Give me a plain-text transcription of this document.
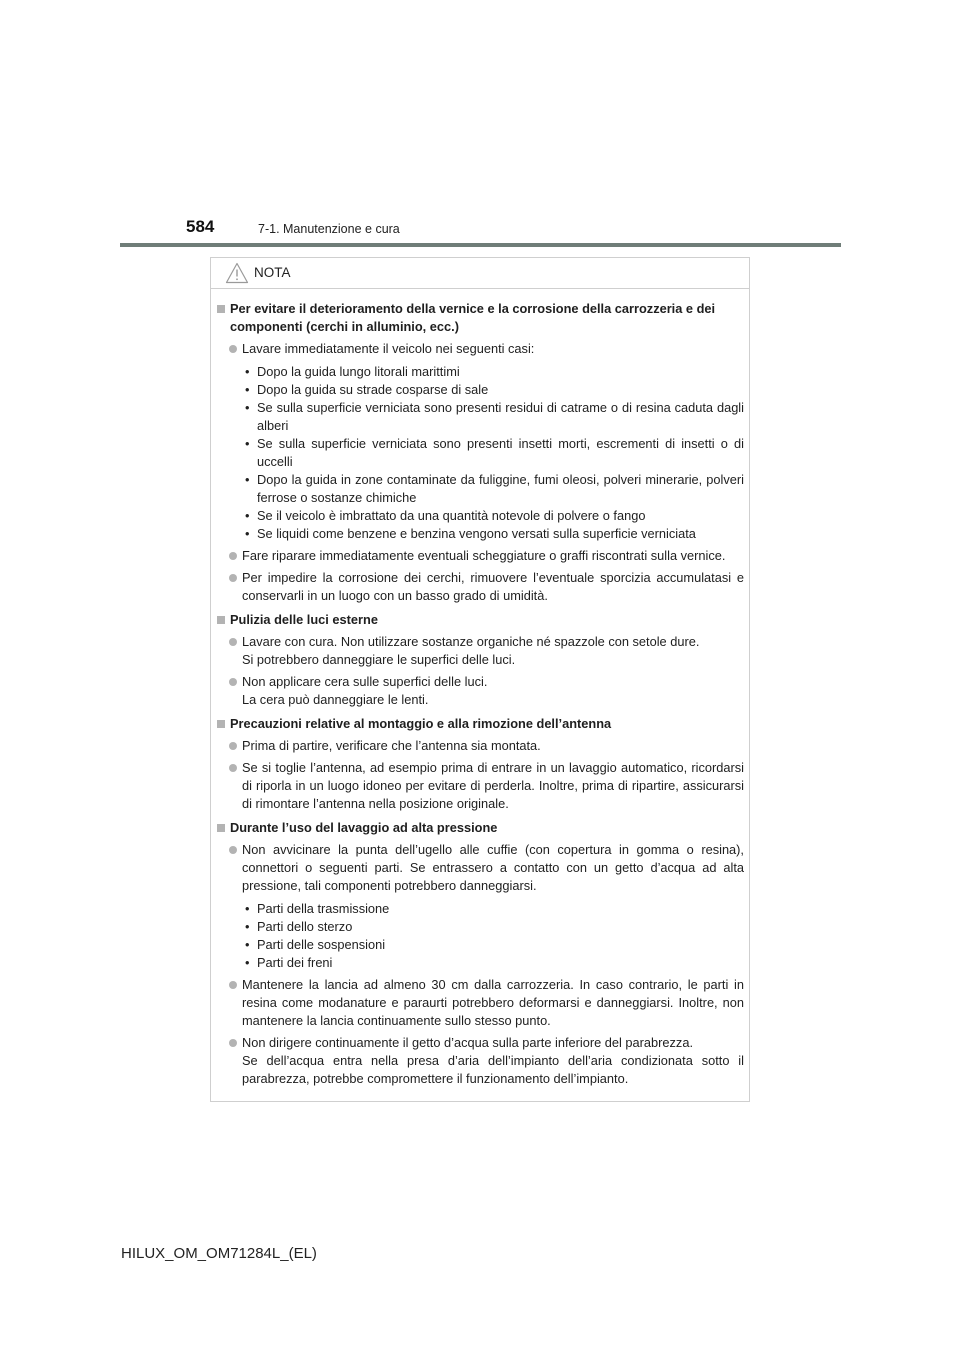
584	7-1. Manutenzione e cura
NOTA
Per evitare il deterioramento della vernice e la corrosione della carrozzeria e dei componenti (cerchi in alluminio, ecc.)
Lavare immediatamente il veicolo nei seguenti casi:
• Dopo la guida lungo litorali marittimi
• Dopo la guida su strade cosparse di sale
• Se sulla superficie verniciata sono presenti residui di catrame o di resina caduta dagli alberi
• Se sulla superficie verniciata sono presenti insetti morti, escrementi di insetti o di uccelli
• Dopo la guida in zone contaminate da fuliggine, fumi oleosi, polveri minerarie, polveri ferrose o sostanze chimiche
• Se il veicolo è imbrattato da una quantità notevole di polvere o fango
• Se liquidi come benzene e benzina vengono versati sulla superficie verniciata
Fare riparare immediatamente eventuali scheggiature o graffi riscontrati sulla vernice.
Per impedire la corrosione dei cerchi, rimuovere l’eventuale sporcizia accumulatasi e conservarli in un luogo con un basso grado di umidità.
Pulizia delle luci esterne
Lavare con cura. Non utilizzare sostanze organiche né spazzole con setole dure.
Si potrebbero danneggiare le superfici delle luci.
Non applicare cera sulle superfici delle luci.
La cera può danneggiare le lenti.
Precauzioni relative al montaggio e alla rimozione dell’antenna
Prima di partire, verificare che l’antenna sia montata.
Se si toglie l’antenna, ad esempio prima di entrare in un lavaggio automatico, ricordarsi di riporla in un luogo idoneo per evitare di perderla. Inoltre, prima di ripartire, assicurarsi di rimontare l’antenna nella posizione originale.
Durante l’uso del lavaggio ad alta pressione
Non avvicinare la punta dell’ugello alle cuffie (con copertura in gomma o resina), connettori o seguenti parti. Se entrassero a contatto con un getto d’acqua ad alta pressione, tali componenti potrebbero danneggiarsi.
• Parti della trasmissione
• Parti dello sterzo
• Parti delle sospensioni
• Parti dei freni
Mantenere la lancia ad almeno 30 cm dalla carrozzeria. In caso contrario, le parti in resina come modanature e paraurti potrebbero deformarsi e danneggiarsi. Inoltre, non mantenere la lancia continuamente sullo stesso punto.
Non dirigere continuamente il getto d’acqua sulla parte inferiore del parabrezza.
Se dell’acqua entra nella presa d’aria dell’impianto dell’aria condizionata sotto il parabrezza, potrebbe compromettere il funzionamento dell’impianto.
HILUX_OM_OM71284L_(EL)
